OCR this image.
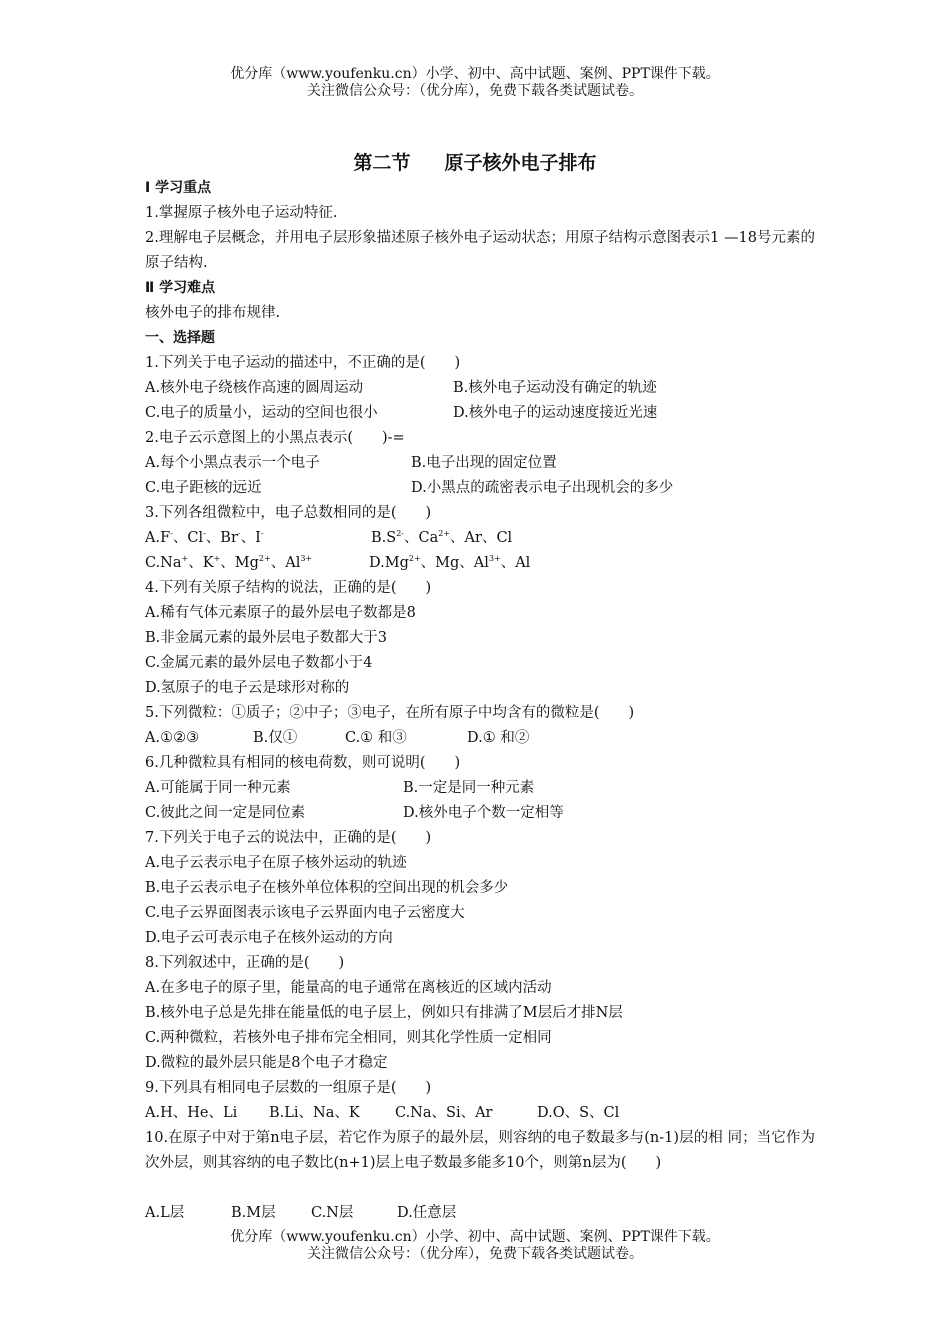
优分库（www.youfenku.cn）小学、初中、高中试题、案例、PPT课件下载。
关注微信公众号：（优分库），免费下载各类试题试卷。
第二节 原子核外电子排布
Ⅰ 学习重点
1.掌握原子核外电子运动特征.
2.理解电子层概念，并用电子层形象描述原子核外电子运动状态；用原子结构示意图表示1 —18号元素的原子结构.
Ⅱ 学习难点
核外电子的排布规律.
一、选择题
1.下列关于电子运动的描述中，不正确的是(　　)
A.核外电子绕核作高速的圆周运动	B.核外电子运动没有确定的轨迹
C.电子的质量小，运动的空间也很小	D.核外电子的运动速度接近光速
2.电子云示意图上的小黑点表示(　　)-=
A.每个小黑点表示一个电子	B.电子出现的固定位置
C.电子距核的远近	D.小黑点的疏密表示电子出现机会的多少
3.下列各组微粒中，电子总数相同的是(　　)
A.F-、Cl-、Br-、I-	$B.S^{2-}$、$Ca^{2+}$、Ar、Cl
C.Na+、K+、$Mg^{2+}$、$Al^{3+}$	$D.Mg^{2+}$、Mg、$Al^{3+}$、Al
4.下列有关原子结构的说法，正确的是(　　)
A.稀有气体元素原子的最外层电子数都是8
B.非金属元素的最外层电子数都大于3
C.金属元素的最外层电子数都小于4
D.氢原子的电子云是球形对称的
5.下列微粒：①质子；②中子；③电子，在所有原子中均含有的微粒是(　　)
A.①②③	B.仅①	C.① 和③	D.① 和②
6.几种微粒具有相同的核电荷数，则可说明(　　)
A.可能属于同一种元素	B.一定是同一种元素
C.彼此之间一定是同位素	D.核外电子个数一定相等
7.下列关于电子云的说法中，正确的是(　　)
A.电子云表示电子在原子核外运动的轨迹
B.电子云表示电子在核外单位体积的空间出现的机会多少
C.电子云界面图表示该电子云界面内电子云密度大
D.电子云可表示电子在核外运动的方向
8.下列叙述中，正确的是(　　)
A.在多电子的原子里，能量高的电子通常在离核近的区域内活动
B.核外电子总是先排在能量低的电子层上，例如只有排满了M层后才排N层
C.两种微粒，若核外电子排布完全相同，则其化学性质一定相同
D.微粒的最外层只能是8个电子才稳定
9.下列具有相同电子层数的一组原子是(　　)
A.H、He、Li B.Li、Na、K C.Na、Si、Ar	D.O、S、Cl
10.在原子中对于第n电子层，若它作为原子的最外层，则容纳的电子数最多与(n-1)层的相 同；当它作为次外层，则其容纳的电子数比(n+1)层上电子数最多能多10个，则第n层为(　　)
A.L层	B.M层 C.N层	D.任意层
优分库（www.youfenku.cn）小学、初中、高中试题、案例、PPT课件下载。
关注微信公众号：（优分库），免费下载各类试题试卷。
